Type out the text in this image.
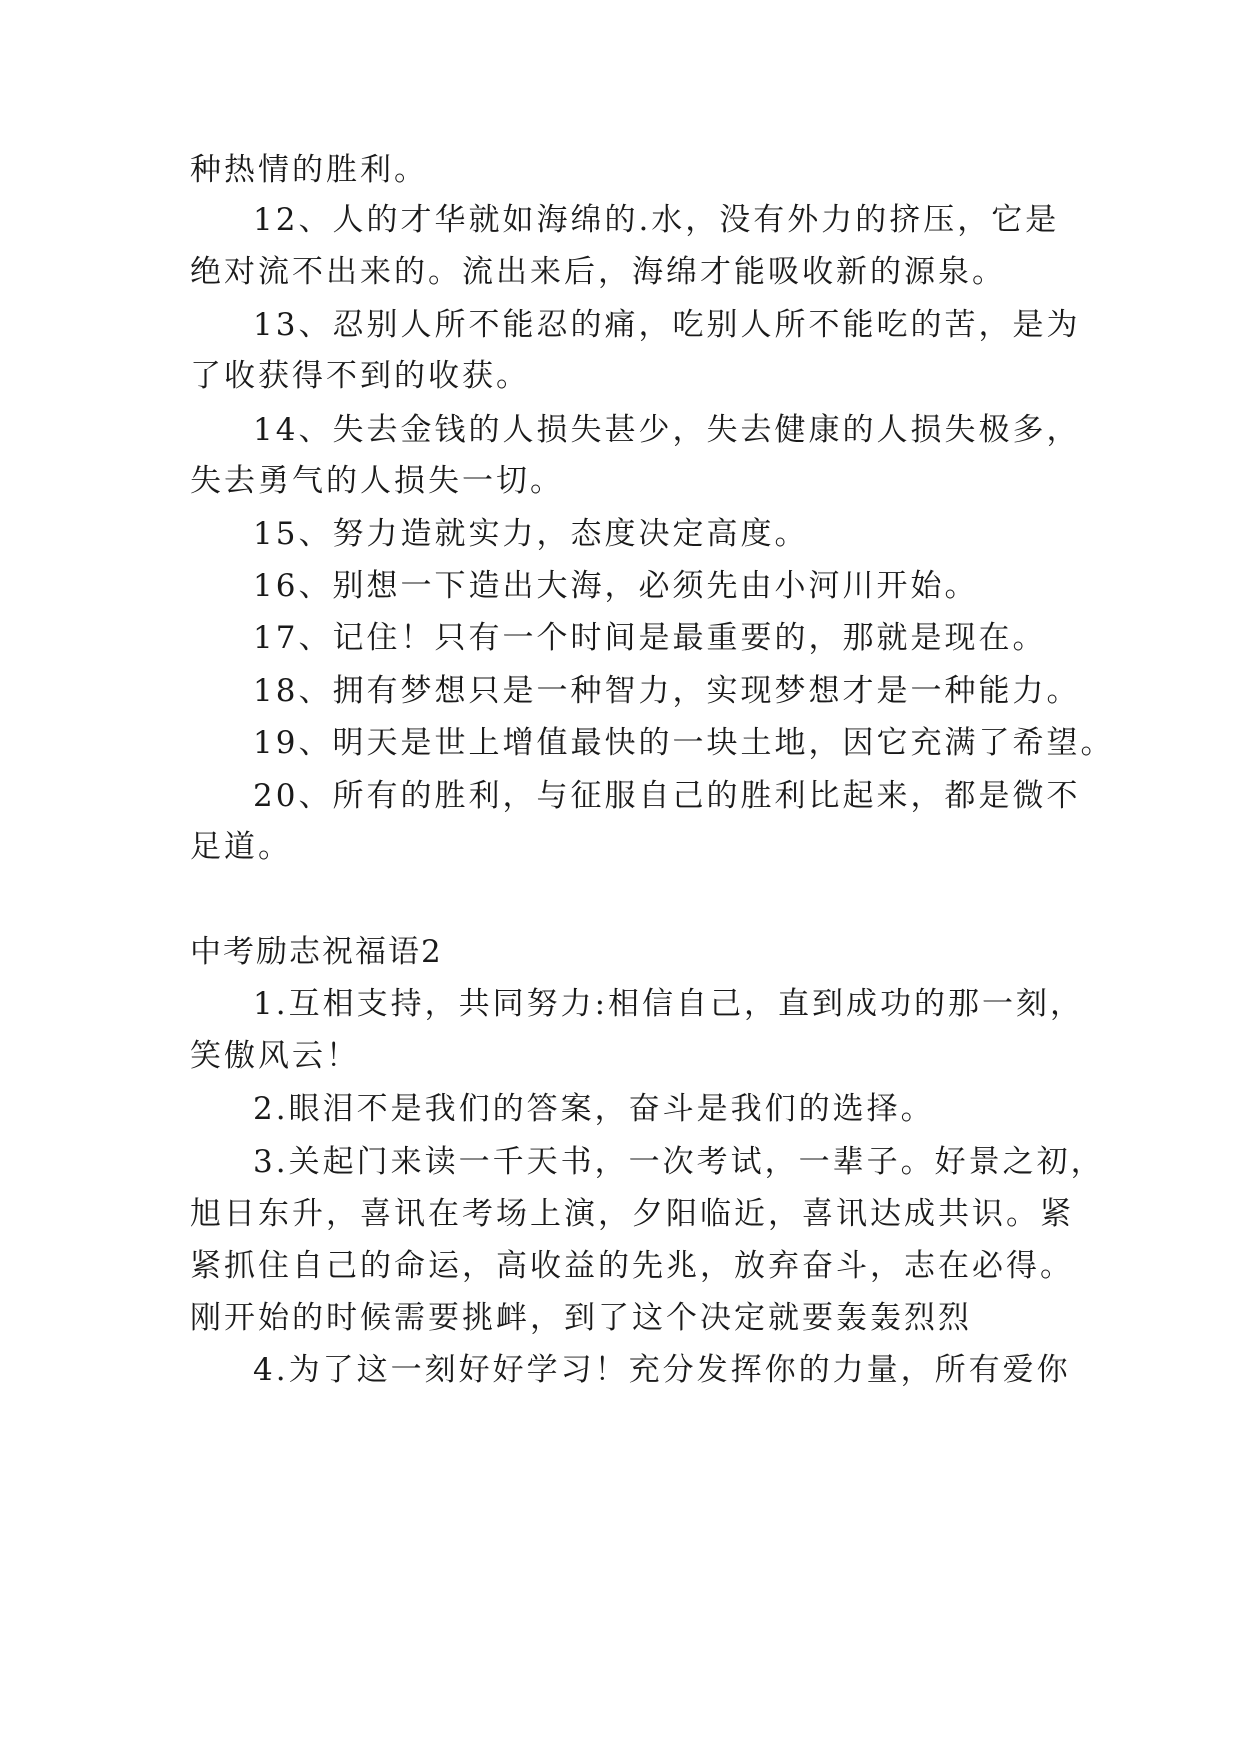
种热情的胜利。
12、人的才华就如海绵的.水，没有外力的挤压，它是
绝对流不出来的。流出来后，海绵才能吸收新的源泉。
13、忍别人所不能忍的痛，吃别人所不能吃的苦，是为
了收获得不到的收获。
14、失去金钱的人损失甚少，失去健康的人损失极多，
失去勇气的人损失一切。
15、努力造就实力，态度决定高度。
16、别想一下造出大海，必须先由小河川开始。
17、记住！只有一个时间是最重要的，那就是现在。
18、拥有梦想只是一种智力，实现梦想才是一种能力。
19、明天是世上增值最快的一块土地，因它充满了希望。
20、所有的胜利，与征服自己的胜利比起来，都是微不
足道。
中考励志祝福语2
1.互相支持，共同努力:相信自己，直到成功的那一刻，
笑傲风云！
2.眼泪不是我们的答案，奋斗是我们的选择。
3.关起门来读一千天书，一次考试，一辈子。好景之初，
旭日东升，喜讯在考场上演，夕阳临近，喜讯达成共识。紧
紧抓住自己的命运，高收益的先兆，放弃奋斗，志在必得。
刚开始的时候需要挑衅，到了这个决定就要轰轰烈烈
4.为了这一刻好好学习！充分发挥你的力量，所有爱你
